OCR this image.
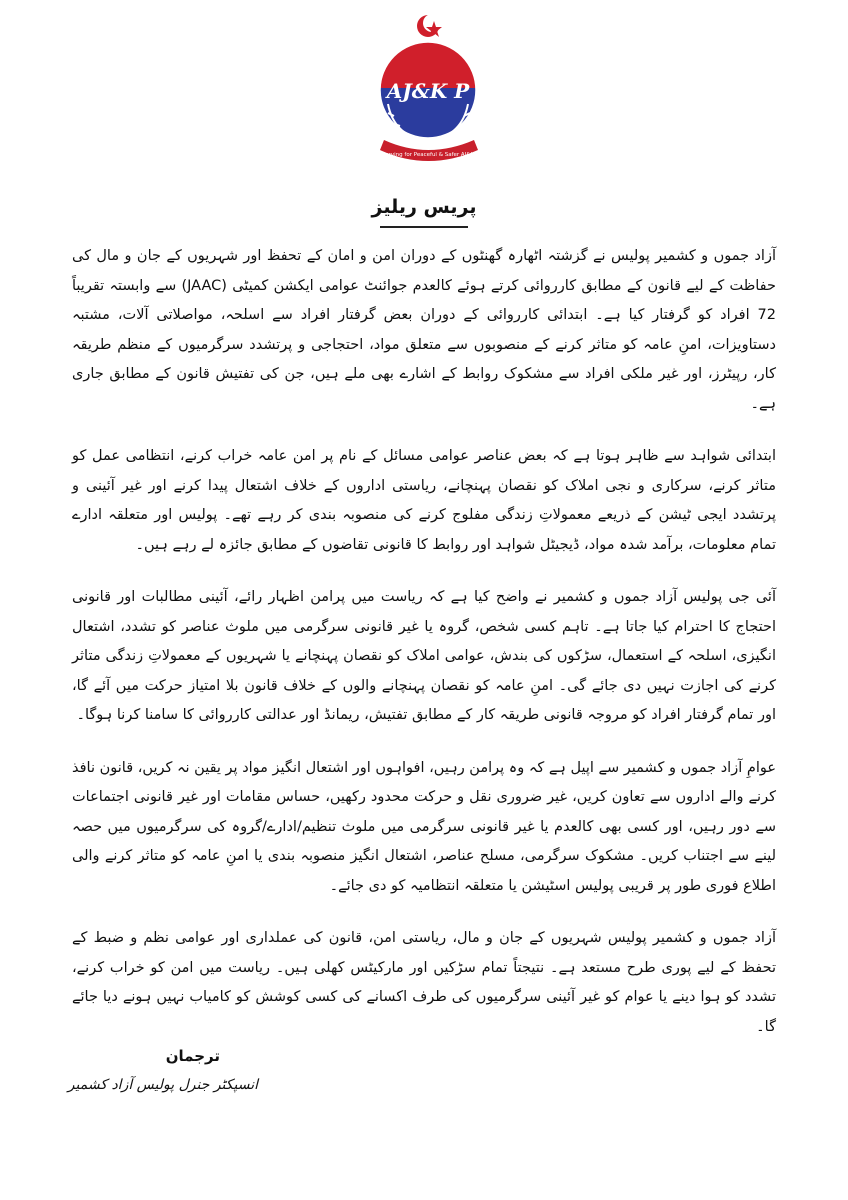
AJ&K P
Serving for Peaceful & Safer AJ&K
پریس ریلیز

آزاد جموں و کشمیر پولیس نے گزشتہ اٹھارہ گھنٹوں کے دوران امن و امان کے تحفظ اور شہریوں کے جان و مال کی حفاظت کے لیے قانون کے مطابق کارروائی کرتے ہوئے کالعدم جوائنٹ عوامی ایکشن کمیٹی (JAAC) سے وابستہ تقریباً 72 افراد کو گرفتار کیا ہے۔ ابتدائی کارروائی کے دوران بعض گرفتار افراد سے اسلحہ، مواصلاتی آلات، مشتبہ دستاویزات، امنِ عامہ کو متاثر کرنے کے منصوبوں سے متعلق مواد، احتجاجی و پرتشدد سرگرمیوں کے منظم طریقہ کار، رپیٹرز، اور غیر ملکی افراد سے مشکوک روابط کے اشارے بھی ملے ہیں، جن کی تفتیش قانون کے مطابق جاری ہے۔

ابتدائی شواہد سے ظاہر ہوتا ہے کہ بعض عناصر عوامی مسائل کے نام پر امن عامہ خراب کرنے، انتظامی عمل کو متاثر کرنے، سرکاری و نجی املاک کو نقصان پہنچانے، ریاستی اداروں کے خلاف اشتعال پیدا کرنے اور غیر آئینی و پرتشدد ایجی ٹیشن کے ذریعے معمولاتِ زندگی مفلوج کرنے کی منصوبہ بندی کر رہے تھے۔ پولیس اور متعلقہ ادارے تمام معلومات، برآمد شدہ مواد، ڈیجیٹل شواہد اور روابط کا قانونی تقاضوں کے مطابق جائزہ لے رہے ہیں۔

آئی جی پولیس آزاد جموں و کشمیر نے واضح کیا ہے کہ ریاست میں پرامن اظہار رائے، آئینی مطالبات اور قانونی احتجاج کا احترام کیا جاتا ہے۔ تاہم کسی شخص، گروہ یا غیر قانونی سرگرمی میں ملوث عناصر کو تشدد، اشتعال انگیزی، اسلحہ کے استعمال، سڑکوں کی بندش، عوامی املاک کو نقصان پہنچانے یا شہریوں کے معمولاتِ زندگی متاثر کرنے کی اجازت نہیں دی جائے گی۔ امنِ عامہ کو نقصان پہنچانے والوں کے خلاف قانون بلا امتیاز حرکت میں آئے گا، اور تمام گرفتار افراد کو مروجہ قانونی طریقہ کار کے مطابق تفتیش، ریمانڈ اور عدالتی کارروائی کا سامنا کرنا ہوگا۔

عوامِ آزاد جموں و کشمیر سے اپیل ہے کہ وہ پرامن رہیں، افواہوں اور اشتعال انگیز مواد پر یقین نہ کریں، قانون نافذ کرنے والے اداروں سے تعاون کریں، غیر ضروری نقل و حرکت محدود رکھیں، حساس مقامات اور غیر قانونی اجتماعات سے دور رہیں، اور کسی بھی کالعدم یا غیر قانونی سرگرمی میں ملوث تنظیم/ادارے/گروہ کی سرگرمیوں میں حصہ لینے سے اجتناب کریں۔ مشکوک سرگرمی، مسلح عناصر، اشتعال انگیز منصوبہ بندی یا امنِ عامہ کو متاثر کرنے والی اطلاع فوری طور پر قریبی پولیس اسٹیشن یا متعلقہ انتظامیہ کو دی جائے۔

آزاد جموں و کشمیر پولیس شہریوں کے جان و مال، ریاستی امن، قانون کی عملداری اور عوامی نظم و ضبط کے تحفظ کے لیے پوری طرح مستعد ہے۔ نتیجتاً تمام سڑکیں اور مارکیٹس کھلی ہیں۔ ریاست میں امن کو خراب کرنے، تشدد کو ہوا دینے یا عوام کو غیر آئینی سرگرمیوں کی طرف اکسانے کی کسی کوشش کو کامیاب نہیں ہونے دیا جائے گا۔

ترجمان
انسپکٹر جنرل پولیس آزاد کشمیر
